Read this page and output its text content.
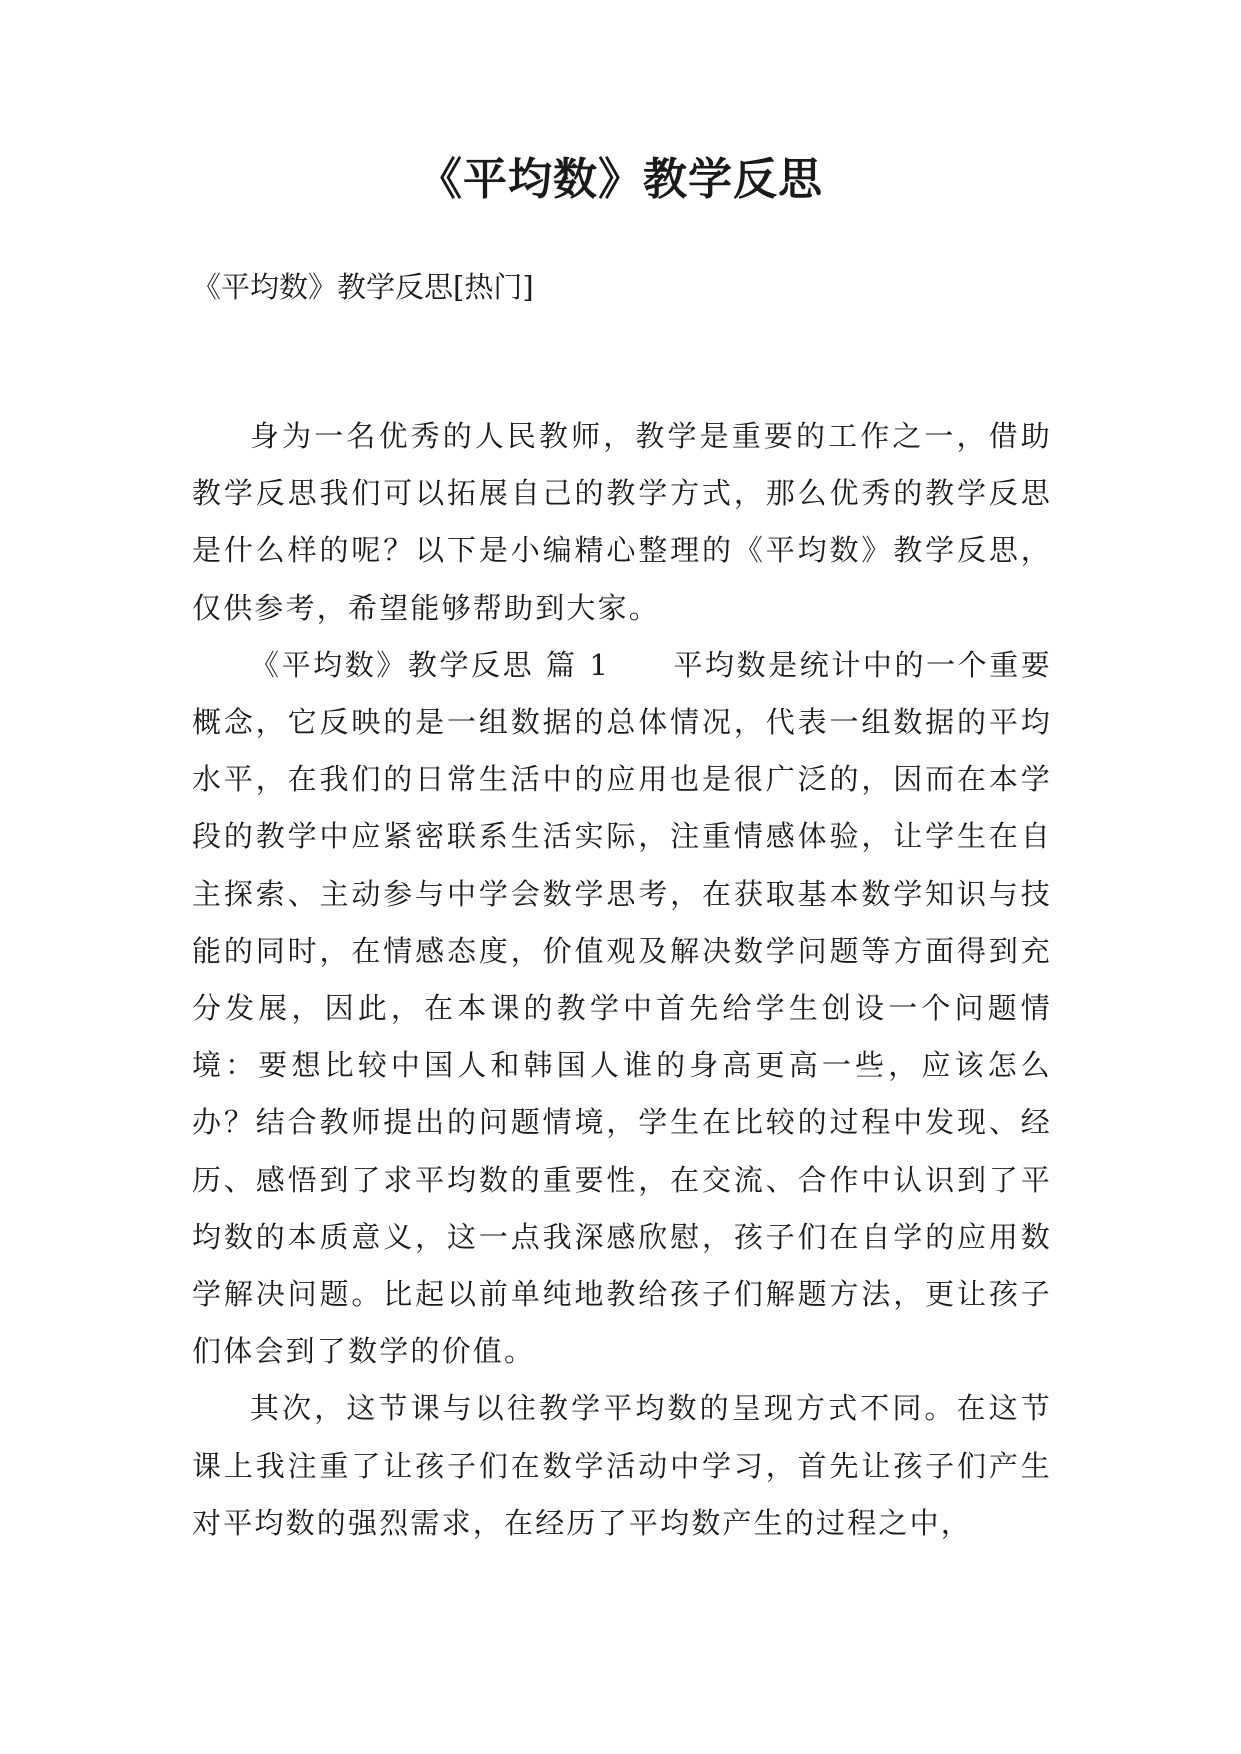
《平均数》教学反思

《平均数》教学反思[热门]

身为一名优秀的人民教师，教学是重要的工作之一，借助教学反思我们可以拓展自己的教学方式，那么优秀的教学反思是什么样的呢？以下是小编精心整理的《平均数》教学反思，仅供参考，希望能够帮助到大家。

《平均数》教学反思 篇 1　　平均数是统计中的一个重要概念，它反映的是一组数据的总体情况，代表一组数据的平均水平，在我们的日常生活中的应用也是很广泛的，因而在本学段的教学中应紧密联系生活实际，注重情感体验，让学生在自主探索、主动参与中学会数学思考，在获取基本数学知识与技能的同时，在情感态度，价值观及解决数学问题等方面得到充分发展，因此，在本课的教学中首先给学生创设一个问题情境：要想比较中国人和韩国人谁的身高更高一些，应该怎么办？结合教师提出的问题情境，学生在比较的过程中发现、经历、感悟到了求平均数的重要性，在交流、合作中认识到了平均数的本质意义，这一点我深感欣慰，孩子们在自学的应用数学解决问题。比起以前单纯地教给孩子们解题方法，更让孩子们体会到了数学的价值。

其次，这节课与以往教学平均数的呈现方式不同。在这节课上我注重了让孩子们在数学活动中学习，首先让孩子们产生对平均数的强烈需求，在经历了平均数产生的过程之中，
